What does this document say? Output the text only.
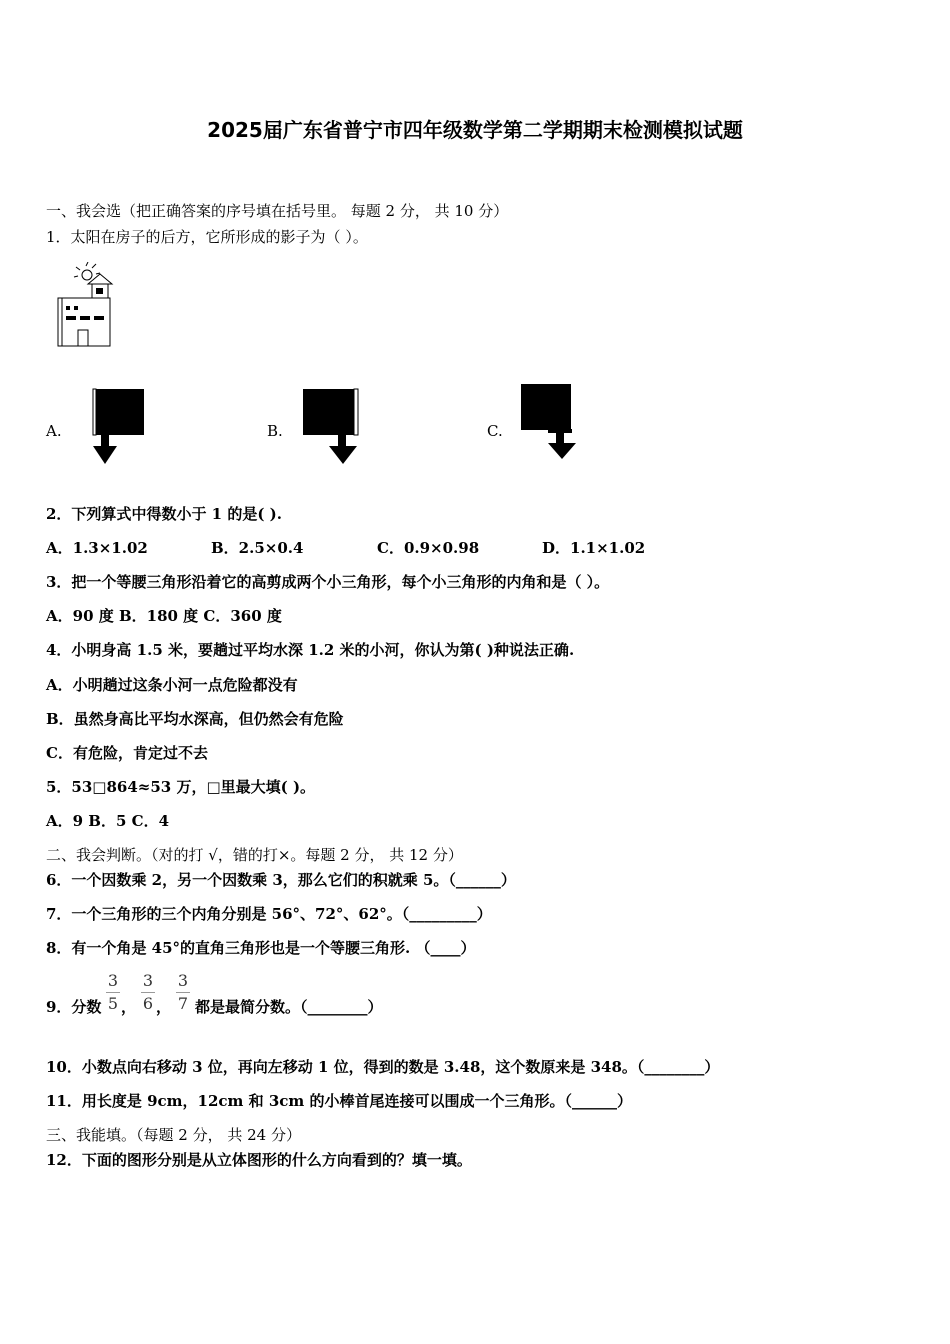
2025届广东省普宁市四年级数学第二学期期末检测模拟试题
一、我会选（把正确答案的序号填在括号里。 每题 2 分， 共 10 分）
1．太阳在房子的后方，它所形成的影子为（ ）。
A.	B.	C.
2．下列算式中得数小于 1 的是( ).
A．1.3×1.02	B．2.5×0.4	C．0.9×0.98	D．1.1×1.02
3．把一个等腰三角形沿着它的高剪成两个小三角形，每个小三角形的内角和是（ ）。
A．90 度 B．180 度 C．360 度
4．小明身高 1.5 米，要趟过平均水深 1.2 米的小河，你认为第( )种说法正确.
A．小明趟过这条小河一点危险都没有
B．虽然身高比平均水深高，但仍然会有危险
C．有危险，肯定过不去
5．53□864≈53 万，□里最大填( )。
A．9 B．5 C．4
二、我会判断。（对的打 √，错的打×。每题 2 分， 共 12 分）
6．一个因数乘 2，另一个因数乘 3，那么它们的积就乘 5。（______）
7．一个三角形的三个内角分别是 56°、72°、62°。（_________）
8．有一个角是 45°的直角三角形也是一个等腰三角形. （____）
9．分数
3
5 ，
3
6 ，
3
7 都是最简分数。（________）
10．小数点向右移动 3 位，再向左移动 1 位，得到的数是 3.48，这个数原来是 348。（________）
11．用长度是 9cm，12cm 和 3cm 的小棒首尾连接可以围成一个三角形。（______）
三、我能填。（每题 2 分， 共 24 分）
12．下面的图形分别是从立体图形的什么方向看到的？填一填。
